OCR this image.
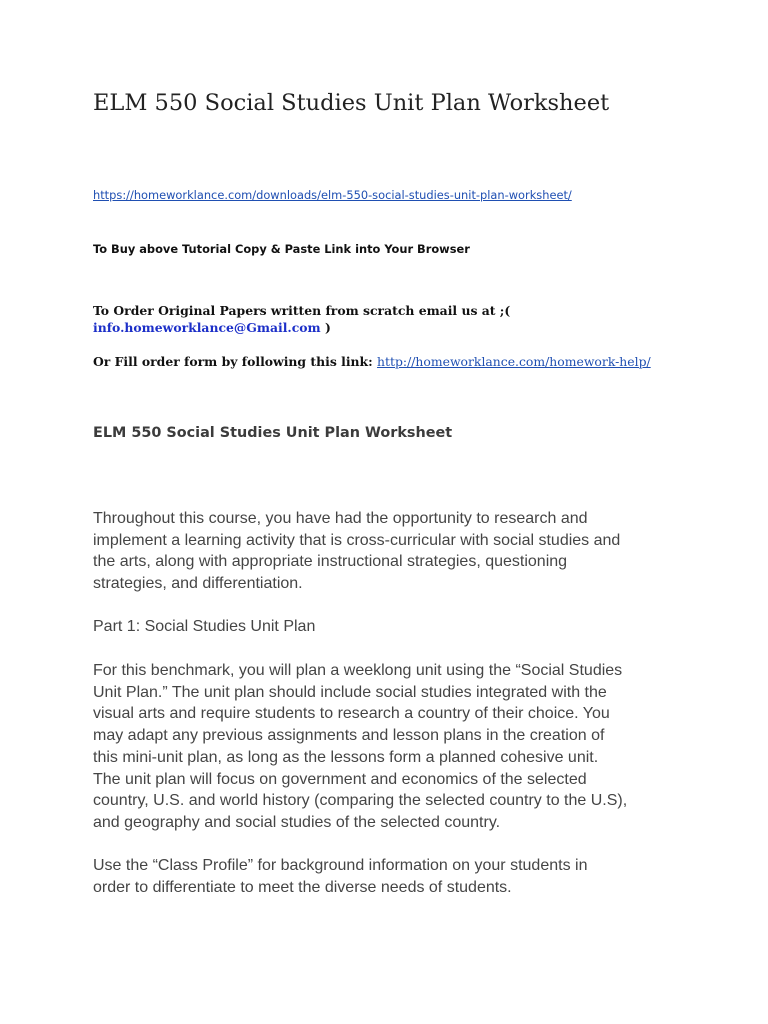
ELM 550 Social Studies Unit Plan Worksheet
https://homeworklance.com/downloads/elm-550-social-studies-unit-plan-worksheet/

To Buy above Tutorial Copy & Paste Link into Your Browser

To Order Original Papers written from scratch email us at ;(

info.homeworklance@Gmail.com )

Or Fill order form by following this link: http://homeworklance.com/homework-help/

ELM 550 Social Studies Unit Plan Worksheet

Throughout this course, you have had the opportunity to research and
implement a learning activity that is cross-curricular with social studies and
the arts, along with appropriate instructional strategies, questioning
strategies, and differentiation.

Part 1: Social Studies Unit Plan

For this benchmark, you will plan a weeklong unit using the “Social Studies
Unit Plan.” The unit plan should include social studies integrated with the
visual arts and require students to research a country of their choice. You
may adapt any previous assignments and lesson plans in the creation of
this mini-unit plan, as long as the lessons form a planned cohesive unit.
The unit plan will focus on government and economics of the selected
country, U.S. and world history (comparing the selected country to the U.S),
and geography and social studies of the selected country.

Use the “Class Profile” for background information on your students in
order to differentiate to meet the diverse needs of students.
